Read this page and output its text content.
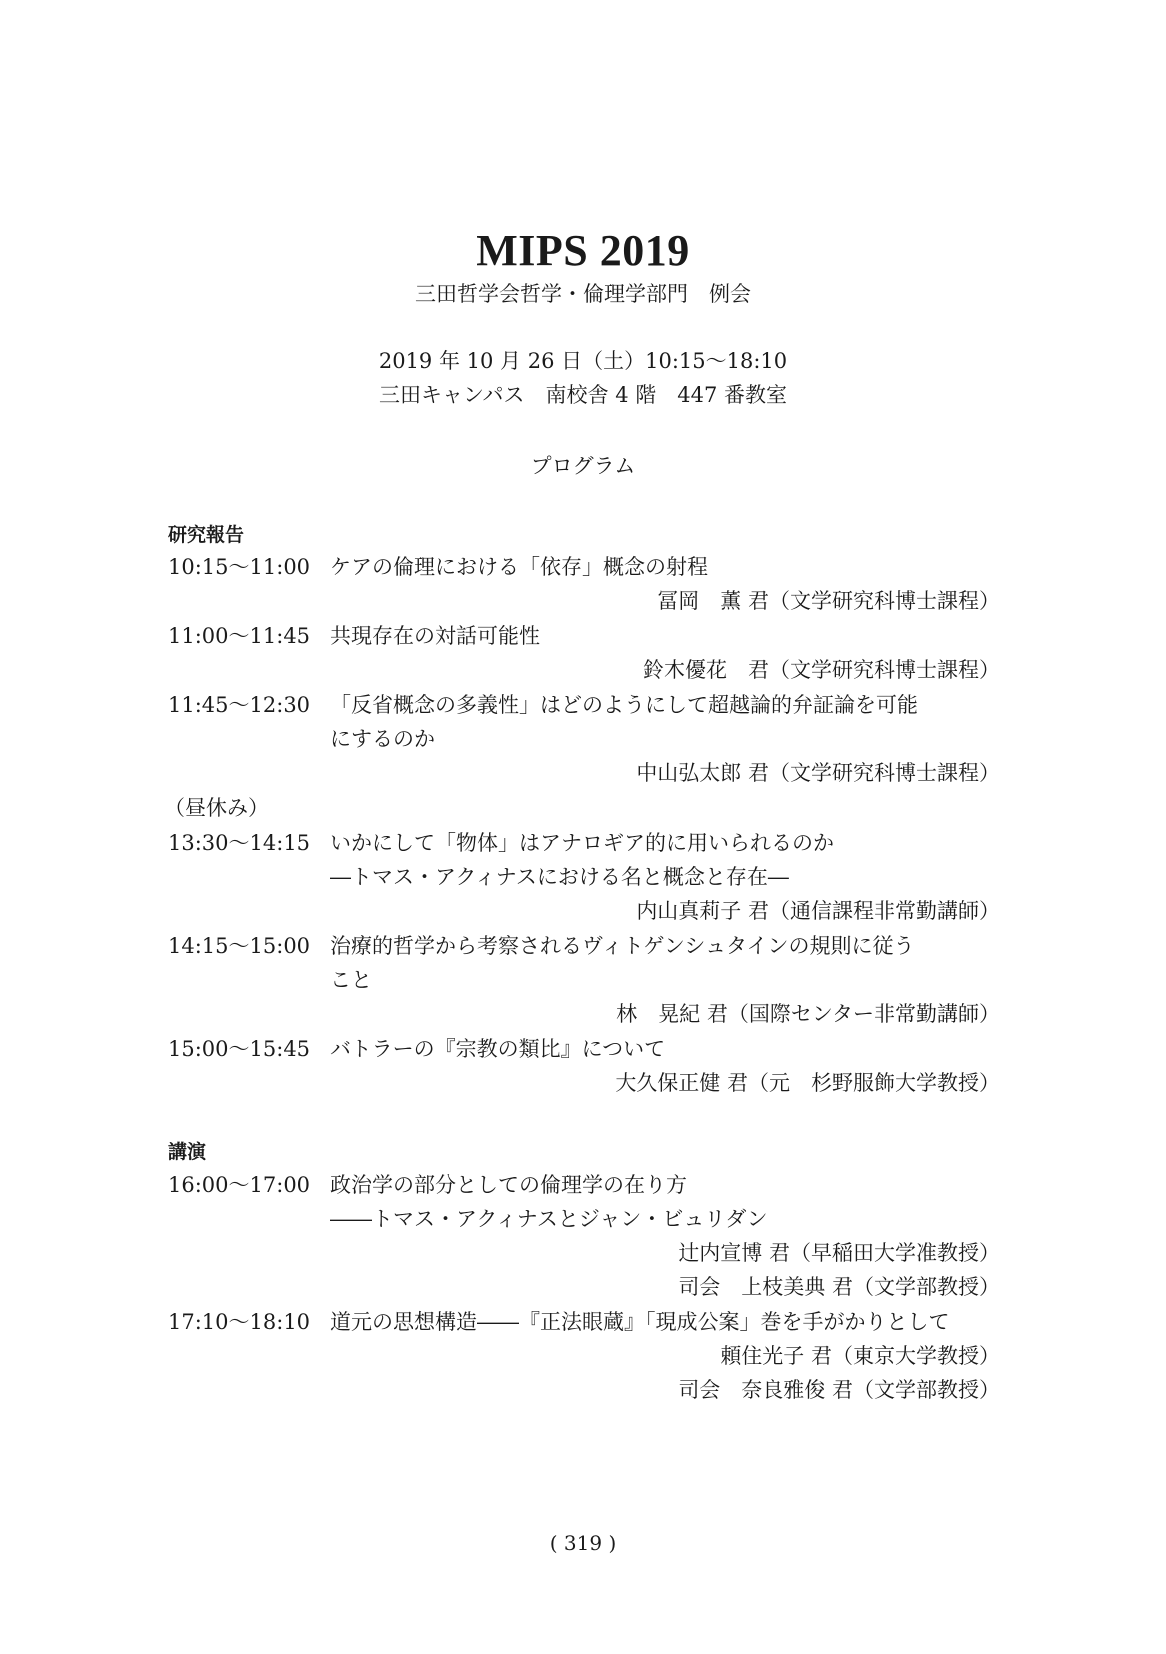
MIPS 2019
三田哲学会哲学・倫理学部門　例会
2019 年 10 月 26 日（土）10:15～18:10
三田キャンパス　南校舎 4 階　447 番教室
プログラム
研究報告
10:15～11:00 ケアの倫理における「依存」概念の射程
冨岡　薫 君（文学研究科博士課程）
11:00～11:45 共現存在の対話可能性
鈴木優花　君（文学研究科博士課程）
11:45～12:30 「反省概念の多義性」はどのようにして超越論的弁証論を可能
にするのか
中山弘太郎 君（文学研究科博士課程）
（昼休み）
13:30～14:15 いかにして「物体」はアナロギア的に用いられるのか
―トマス・アクィナスにおける名と概念と存在―
内山真莉子 君（通信課程非常勤講師）
14:15～15:00 治療的哲学から考察されるヴィトゲンシュタインの規則に従う
こと
林　晃紀 君（国際センター非常勤講師）
15:00～15:45 バトラーの『宗教の類比』について
大久保正健 君（元　杉野服飾大学教授）
講演
16:00～17:00 政治学の部分としての倫理学の在り方
――トマス・アクィナスとジャン・ビュリダン
辻内宣博 君（早稲田大学准教授）
司会　上枝美典 君（文学部教授）
17:10～18:10 道元の思想構造――『正法眼蔵』「現成公案」巻を手がかりとして
頼住光子 君（東京大学教授）
司会　奈良雅俊 君（文学部教授）
( 319 )
